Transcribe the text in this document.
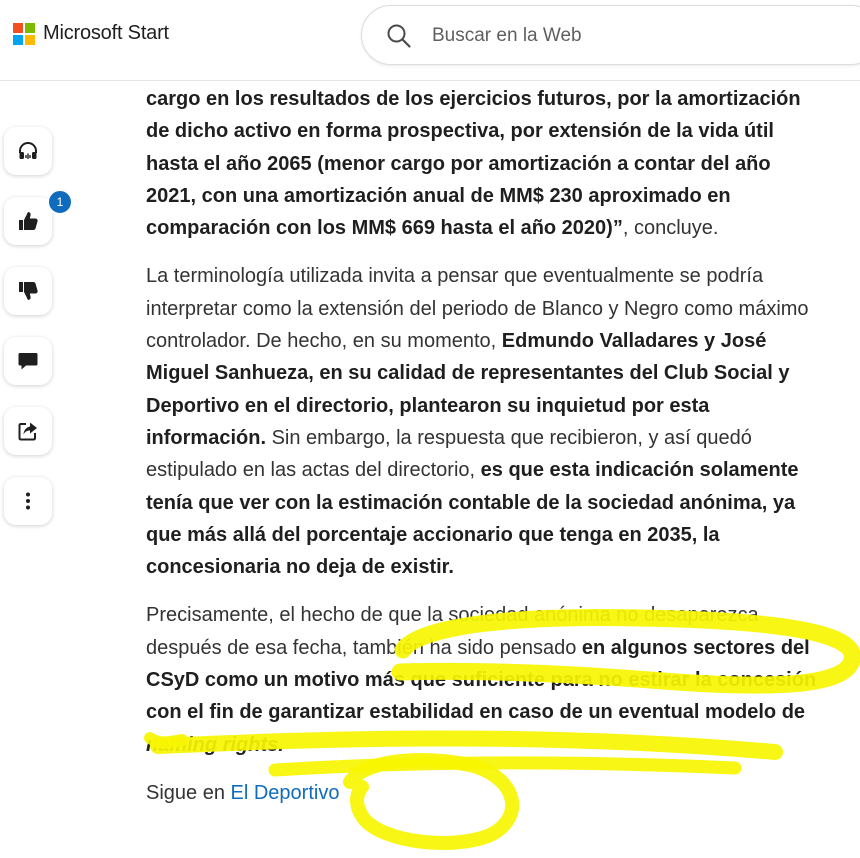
Microsoft Start
Buscar en la Web
1

cargo en los resultados de los ejercicios futuros, por la amortización de dicho activo en forma prospectiva, por extensión de la vida útil hasta el año 2065 (menor cargo por amortización a contar del año 2021, con una amortización anual de MM$ 230 aproximado en comparación con los MM$ 669 hasta el año 2020)”, concluye.

La terminología utilizada invita a pensar que eventualmente se podría interpretar como la extensión del periodo de Blanco y Negro como máximo controlador. De hecho, en su momento, Edmundo Valladares y José Miguel Sanhueza, en su calidad de representantes del Club Social y Deportivo en el directorio, plantearon su inquietud por esta información. Sin embargo, la respuesta que recibieron, y así quedó estipulado en las actas del directorio, es que esta indicación solamente tenía que ver con la estimación contable de la sociedad anónima, ya que más allá del porcentaje accionario que tenga en 2035, la concesionaria no deja de existir.

Precisamente, el hecho de que la sociedad anónima no desaparezca después de esa fecha, también ha sido pensado en algunos sectores del CSyD como un motivo más que suficiente para no estirar la concesión con el fin de garantizar estabilidad en caso de un eventual modelo de naming rights.

Sigue en El Deportivo
